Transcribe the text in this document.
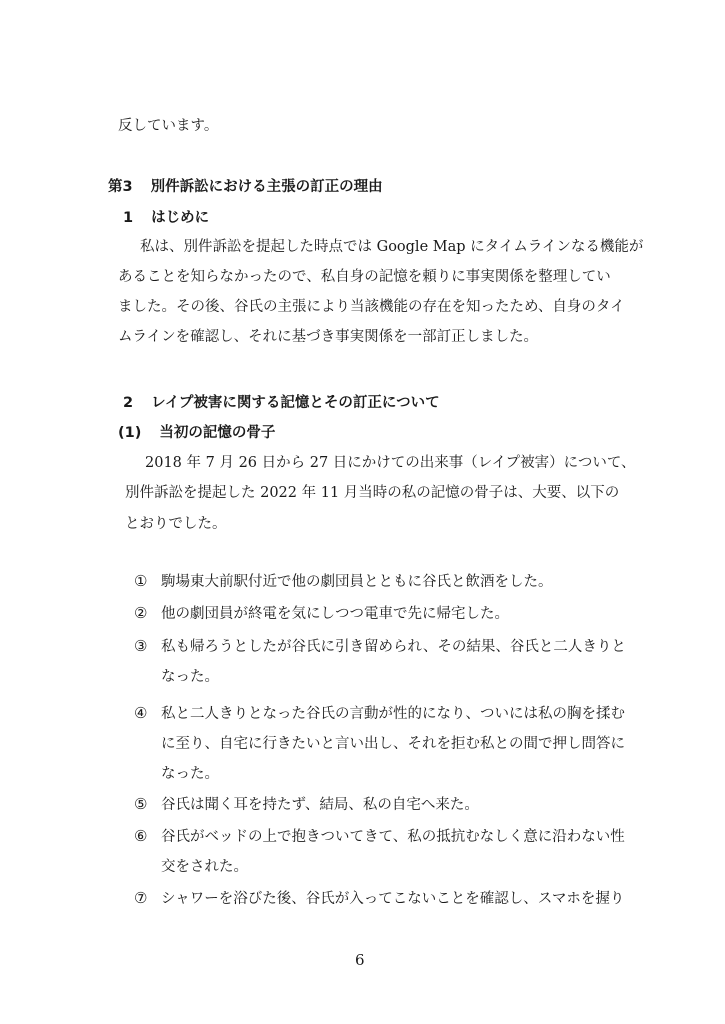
反しています。
第3 別件訴訟における主張の訂正の理由
1 はじめに
私は、別件訴訟を提起した時点では Google Map にタイムラインなる機能が
あることを知らなかったので、私自身の記憶を頼りに事実関係を整理してい
ました。その後、谷氏の主張により当該機能の存在を知ったため、自身のタイ
ムラインを確認し、それに基づき事実関係を一部訂正しました。
2 レイプ被害に関する記憶とその訂正について
(1) 当初の記憶の骨子
2018 年 7 月 26 日から 27 日にかけての出来事（レイプ被害）について、
別件訴訟を提起した 2022 年 11 月当時の私の記憶の骨子は、大要、以下の
とおりでした。
① 駒場東大前駅付近で他の劇団員とともに谷氏と飲酒をした。
② 他の劇団員が終電を気にしつつ電車で先に帰宅した。
③ 私も帰ろうとしたが谷氏に引き留められ、その結果、谷氏と二人きりと
なった。
④ 私と二人きりとなった谷氏の言動が性的になり、ついには私の胸を揉む
に至り、自宅に行きたいと言い出し、それを拒む私との間で押し問答に
なった。
⑤ 谷氏は聞く耳を持たず、結局、私の自宅へ来た。
⑥ 谷氏がベッドの上で抱きついてきて、私の抵抗むなしく意に沿わない性
交をされた。
⑦ シャワーを浴びた後、谷氏が入ってこないことを確認し、スマホを握り
6
